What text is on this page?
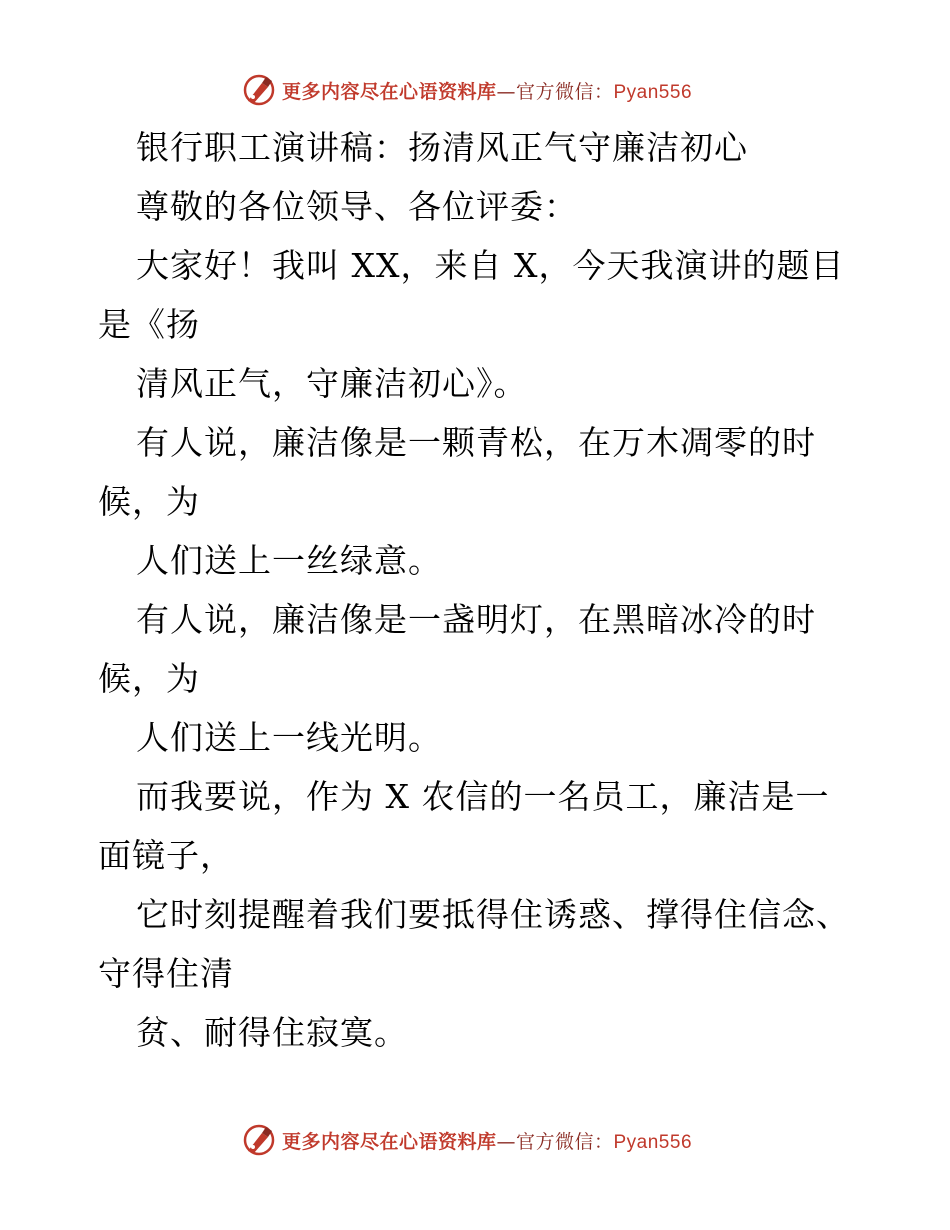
更多内容尽在心语资料库—官方微信：Pyan556
银行职工演讲稿：扬清风正气守廉洁初心
尊敬的各位领导、各位评委：
大家好！我叫 XX，来自 X，今天我演讲的题目
是《扬
清风正气，守廉洁初心》。
有人说，廉洁像是一颗青松，在万木凋零的时
候，为
人们送上一丝绿意。
有人说，廉洁像是一盏明灯，在黑暗冰冷的时
候，为
人们送上一线光明。
而我要说，作为 X 农信的一名员工，廉洁是一
面镜子，
它时刻提醒着我们要抵得住诱惑、撑得住信念、
守得住清
贫、耐得住寂寞。
更多内容尽在心语资料库—官方微信：Pyan556
